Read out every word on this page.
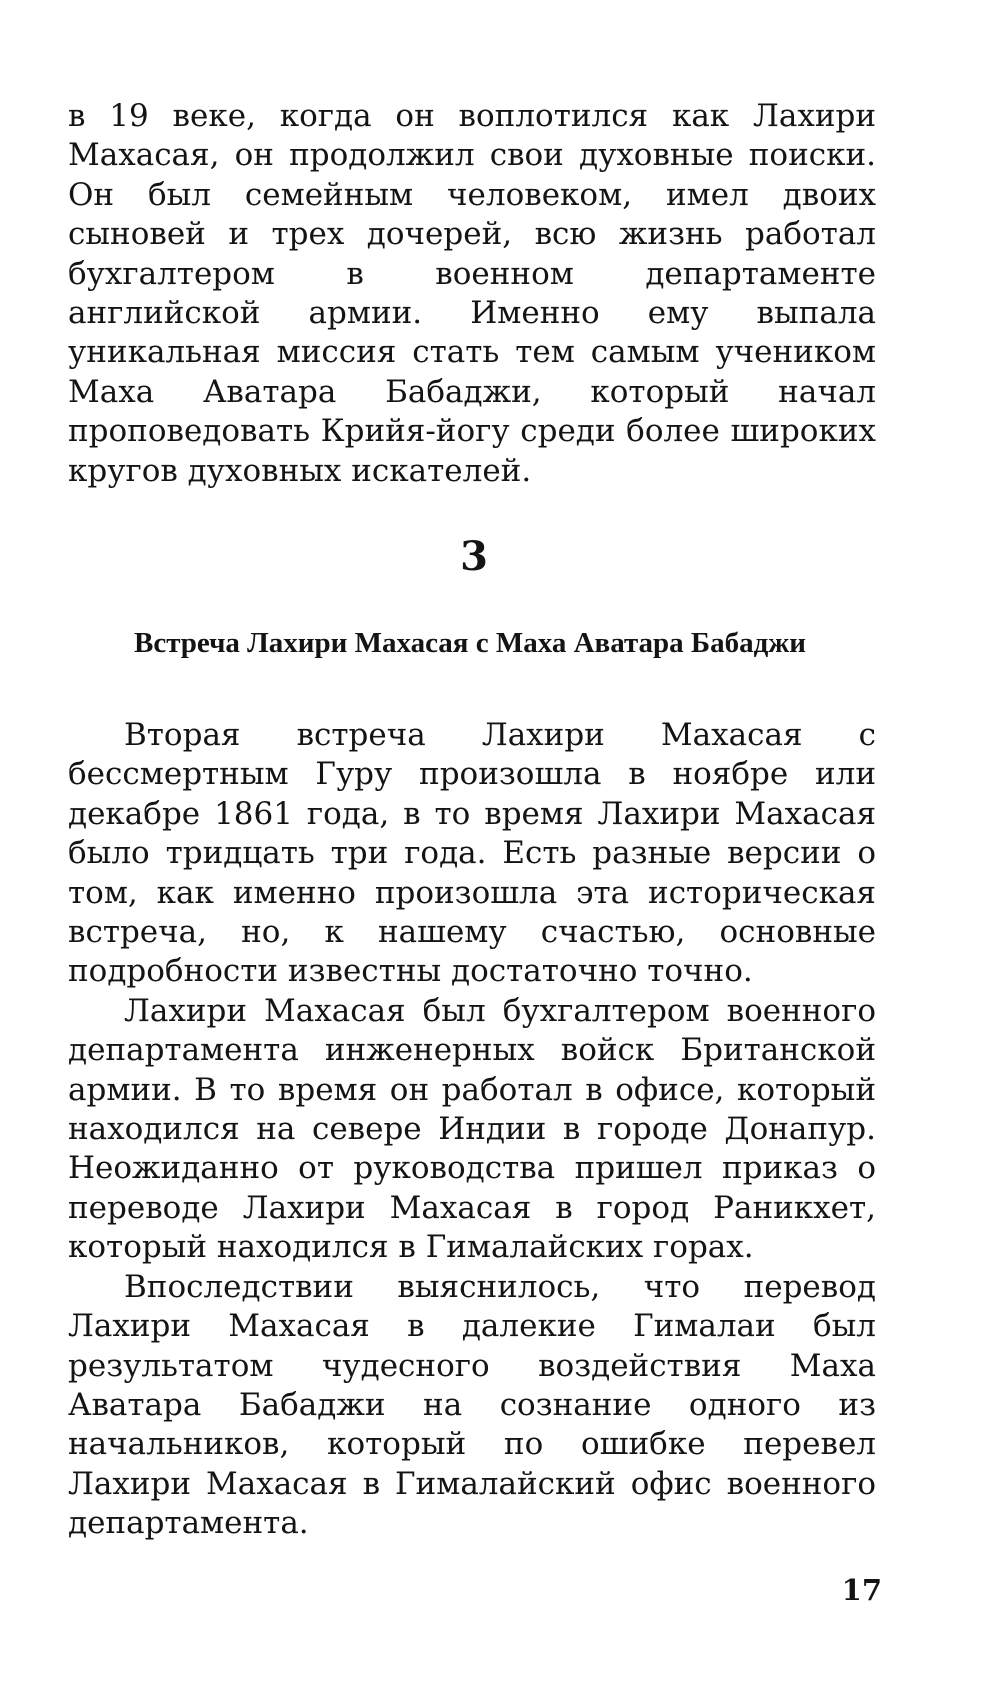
в 19 веке, когда он воплотился как Лахири Махасая, он продолжил свои духовные поиски. Он был семейным человеком, имел двоих сыновей и трех дочерей, всю жизнь работал бухгалтером в военном департаменте английской армии. Именно ему выпала уникальная миссия стать тем самым учеником Маха Аватара Бабаджи, который начал проповедовать Крийя-йогу среди более широких кругов духовных искателей.

3
Встреча Лахири Махасая с Маха Аватара Бабаджи

Вторая встреча Лахири Махасая с бессмертным Гуру произошла в ноябре или декабре 1861 года, в то время Лахири Махасая было тридцать три года. Есть разные версии о том, как именно произошла эта историческая встреча, но, к нашему счастью, основные подробности известны достаточно точно.

Лахири Махасая был бухгалтером военного департамента инженерных войск Британской армии. В то время он работал в офисе, который находился на севере Индии в городе Донапур. Неожиданно от руководства пришел приказ о переводе Лахири Махасая в город Раникхет, который находился в Гималайских горах.

Впоследствии выяснилось, что перевод Лахири Махасая в далекие Гималаи был результатом чудесного воздействия Маха Аватара Бабаджи на сознание одного из начальников, который по ошибке перевел Лахири Махасая в Гималайский офис военного департамента.

17
